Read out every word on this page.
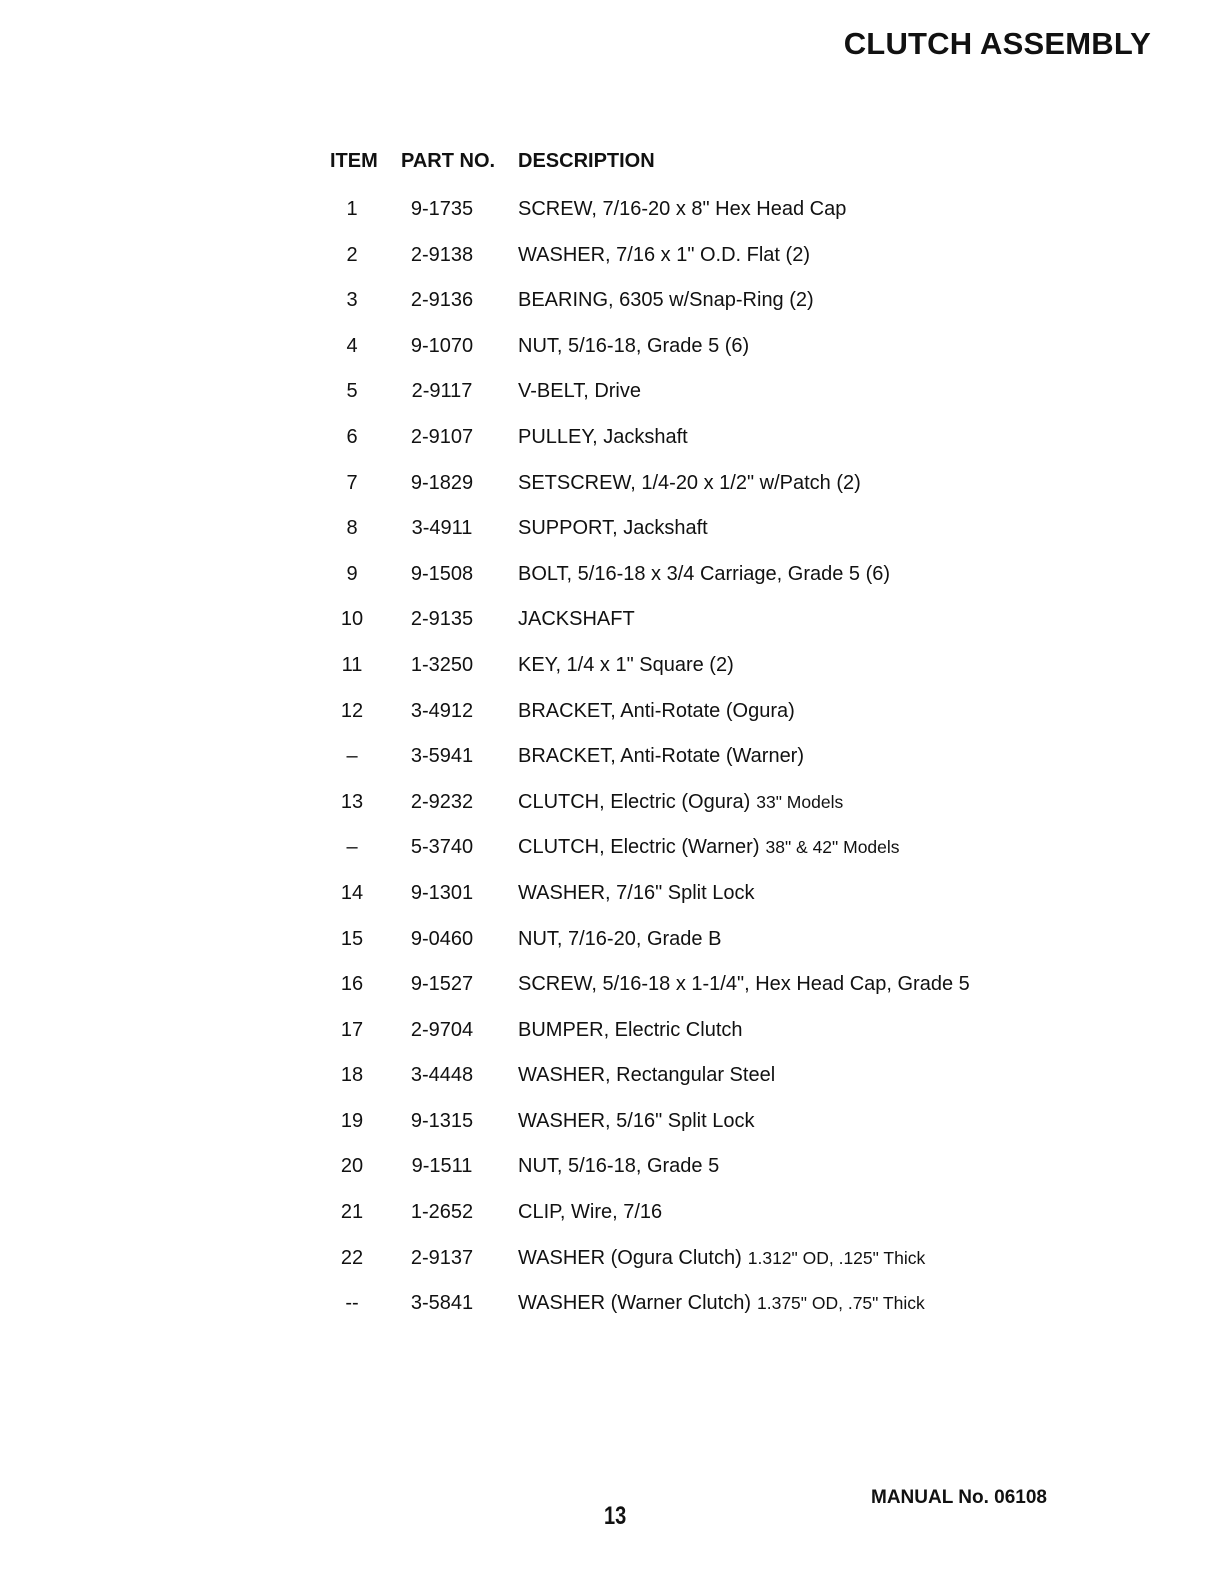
CLUTCH ASSEMBLY
ITEM	PART NO.	DESCRIPTION
1	9-1735	SCREW, 7/16-20 x 8" Hex Head Cap
2	2-9138	WASHER, 7/16 x 1" O.D. Flat (2)
3	2-9136	BEARING, 6305 w/Snap-Ring (2)
4	9-1070	NUT, 5/16-18, Grade 5 (6)
5	2-9117	V-BELT, Drive
6	2-9107	PULLEY, Jackshaft
7	9-1829	SETSCREW, 1/4-20 x 1/2" w/Patch (2)
8	3-4911	SUPPORT, Jackshaft
9	9-1508	BOLT, 5/16-18 x 3/4 Carriage, Grade 5 (6)
10	2-9135	JACKSHAFT
11	1-3250	KEY, 1/4 x 1" Square (2)
12	3-4912	BRACKET, Anti-Rotate (Ogura)
–	3-5941	BRACKET, Anti-Rotate (Warner)
13	2-9232	CLUTCH, Electric (Ogura) 33" Models
–	5-3740	CLUTCH, Electric (Warner) 38" & 42" Models
14	9-1301	WASHER, 7/16" Split Lock
15	9-0460	NUT, 7/16-20, Grade B
16	9-1527	SCREW, 5/16-18 x 1-1/4", Hex Head Cap, Grade 5
17	2-9704	BUMPER, Electric Clutch
18	3-4448	WASHER, Rectangular Steel
19	9-1315	WASHER, 5/16" Split Lock
20	9-1511	NUT, 5/16-18, Grade 5
21	1-2652	CLIP, Wire, 7/16
22	2-9137	WASHER (Ogura Clutch) 1.312" OD, .125" Thick
--	3-5841	WASHER (Warner Clutch) 1.375" OD, .75" Thick
MANUAL No. 06108
13
